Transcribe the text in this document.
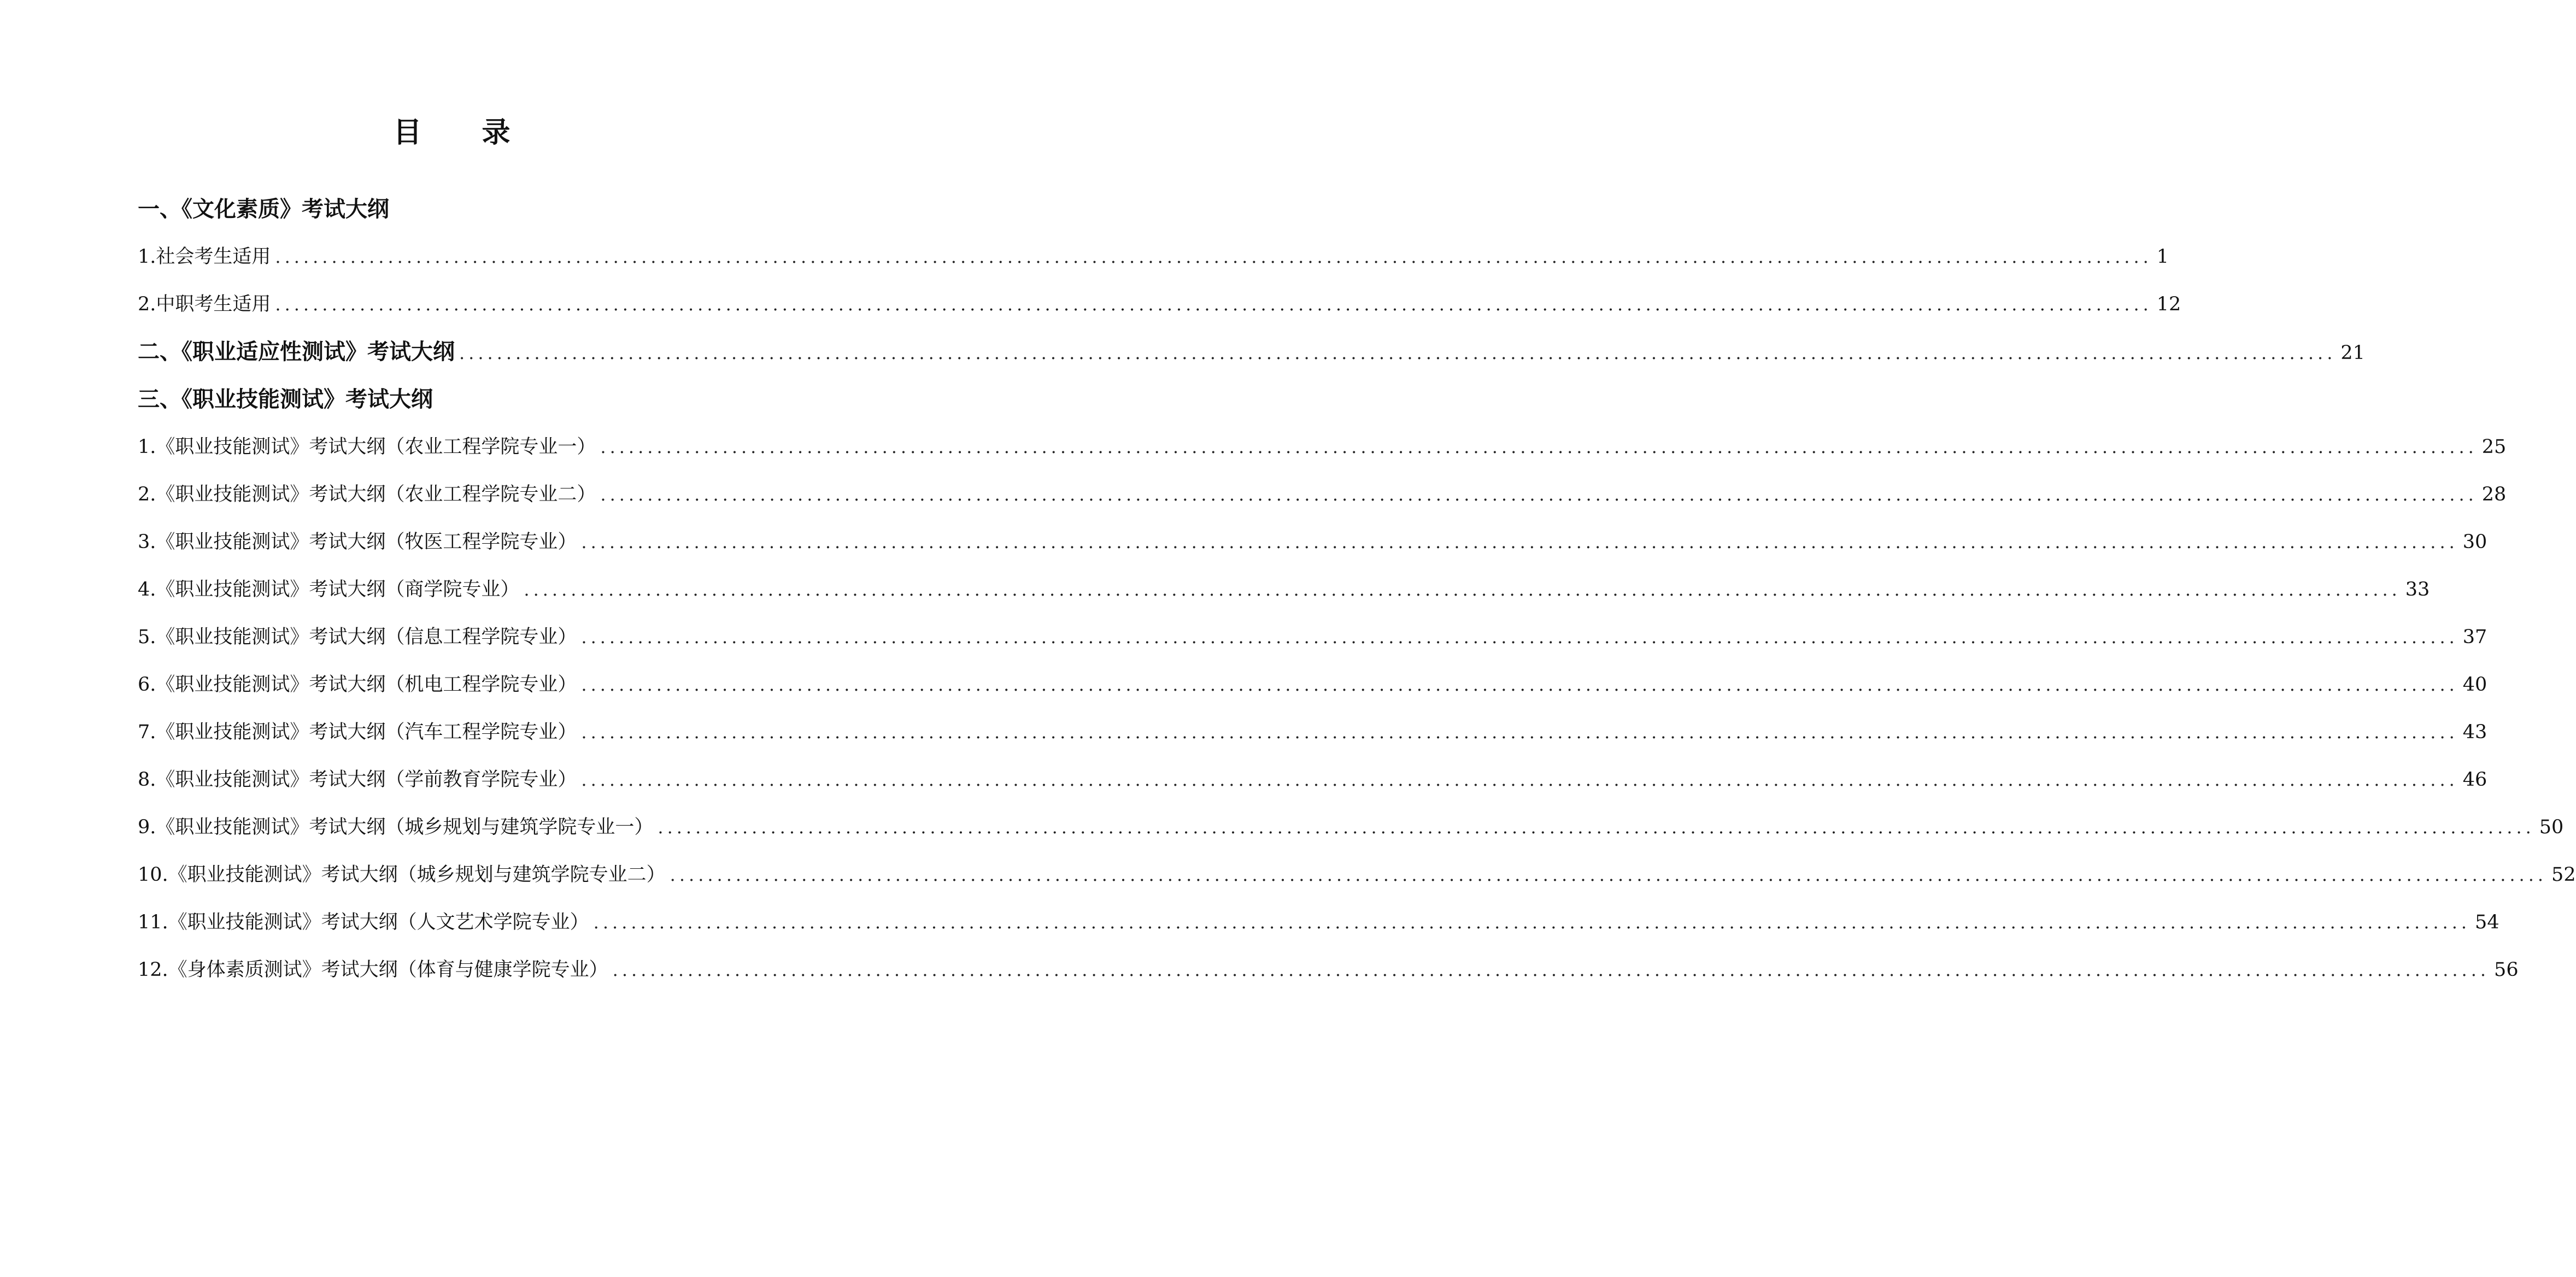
目录
一、《文化素质》考试大纲
1.社会考生适用 ........................................................................................................................................................................................................ 1
2.中职考生适用 ........................................................................................................................................................................................................ 12
二、《职业适应性测试》考试大纲 ........................................................................................................................................................................................................ 21
三、《职业技能测试》考试大纲
1.《职业技能测试》考试大纲（农业工程学院专业一） ........................................................................................................................................................................................................ 25
2.《职业技能测试》考试大纲（农业工程学院专业二） ........................................................................................................................................................................................................ 28
3.《职业技能测试》考试大纲（牧医工程学院专业） ........................................................................................................................................................................................................ 30
4.《职业技能测试》考试大纲（商学院专业） ........................................................................................................................................................................................................ 33
5.《职业技能测试》考试大纲（信息工程学院专业） ........................................................................................................................................................................................................ 37
6.《职业技能测试》考试大纲（机电工程学院专业） ........................................................................................................................................................................................................ 40
7.《职业技能测试》考试大纲（汽车工程学院专业） ........................................................................................................................................................................................................ 43
8.《职业技能测试》考试大纲（学前教育学院专业） ........................................................................................................................................................................................................ 46
9.《职业技能测试》考试大纲（城乡规划与建筑学院专业一） ........................................................................................................................................................................................................ 50
10.《职业技能测试》考试大纲（城乡规划与建筑学院专业二） ........................................................................................................................................................................................................ 52
11.《职业技能测试》考试大纲（人文艺术学院专业） ........................................................................................................................................................................................................ 54
12.《身体素质测试》考试大纲（体育与健康学院专业） ........................................................................................................................................................................................................ 56
